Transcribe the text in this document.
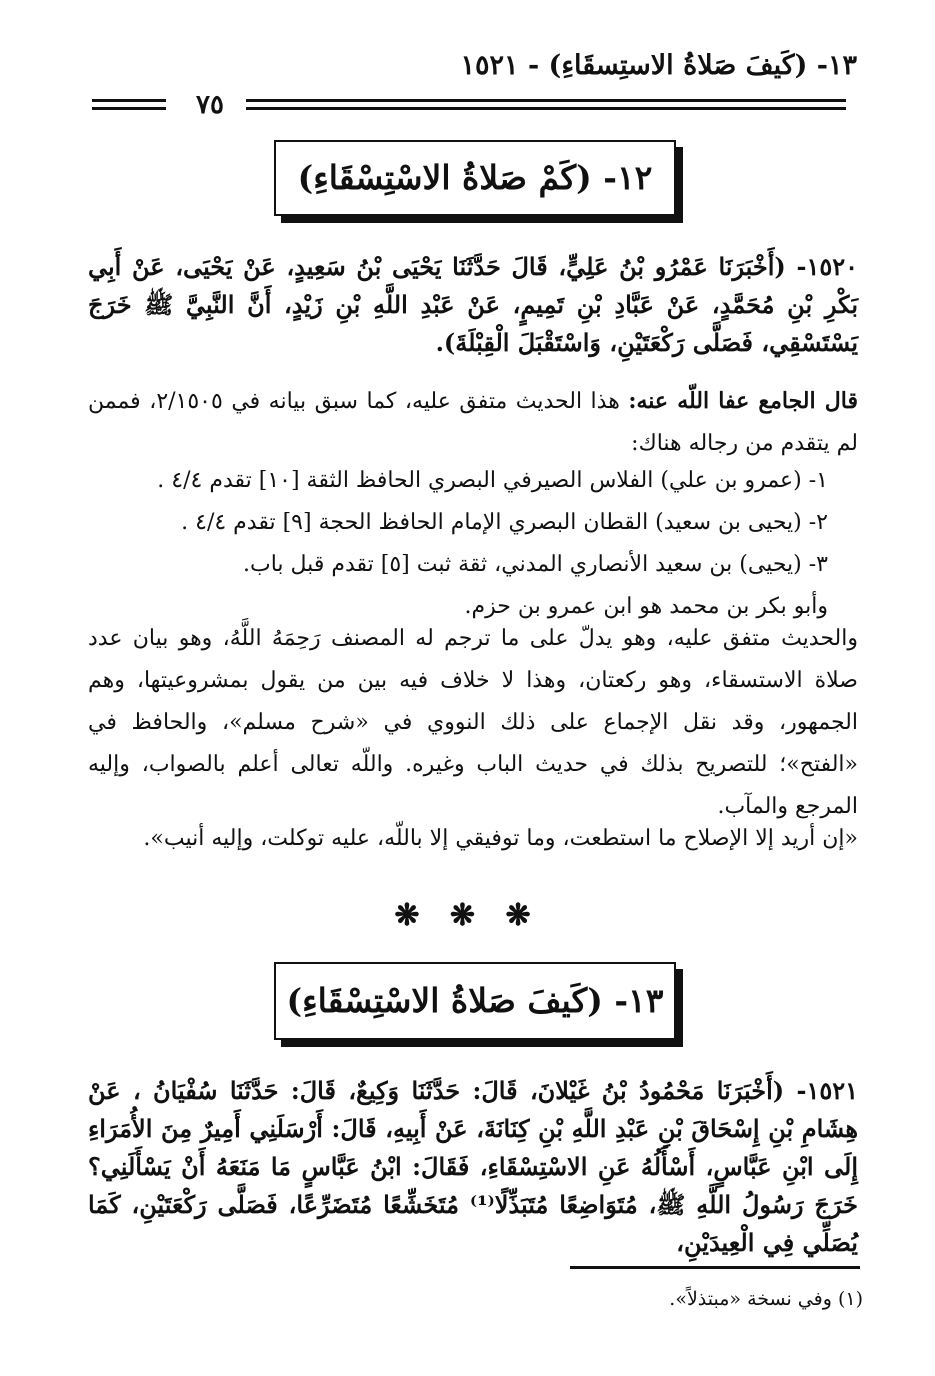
١٣- (كَيفَ صَلاةُ الاستِسقَاءِ) - ١٥٢١
٧٥
١٢- (كَمْ صَلاةُ الاسْتِسْقَاءِ)
١٥٢٠- (أَخْبَرَنَا عَمْرُو بْنُ عَلِيٍّ، قَالَ حَدَّثَنَا يَحْيَى بْنُ سَعِيدٍ، عَنْ يَحْيَى، عَنْ أَبِي بَكْرِ بْنِ مُحَمَّدٍ، عَنْ عَبَّادِ بْنِ تَمِيمٍ، عَنْ عَبْدِ اللَّهِ بْنِ زَيْدٍ، أَنَّ النَّبِيَّ ﷺ خَرَجَ يَسْتَسْقِي، فَصَلَّى رَكْعَتَيْنِ، وَاسْتَقْبَلَ الْقِبْلَةَ).
قال الجامع عفا اللّه عنه: هذا الحديث متفق عليه، كما سبق بيانه في ٢/١٥٠٥، فممن لم يتقدم من رجاله هناك:
١- (عمرو بن علي) الفلاس الصيرفي البصري الحافظ الثقة [١٠] تقدم ٤/٤ .
٢- (يحيى بن سعيد) القطان البصري الإمام الحافظ الحجة [٩] تقدم ٤/٤ .
٣- (يحيى) بن سعيد الأنصاري المدني، ثقة ثبت [٥] تقدم قبل باب.
وأبو بكر بن محمد هو ابن عمرو بن حزم.
والحديث متفق عليه، وهو يدلّ على ما ترجم له المصنف رَحِمَهُ اللَّهُ، وهو بيان عدد صلاة الاستسقاء، وهو ركعتان، وهذا لا خلاف فيه بين من يقول بمشروعيتها، وهم الجمهور، وقد نقل الإجماع على ذلك النووي في «شرح مسلم»، والحافظ في «الفتح»؛ للتصريح بذلك في حديث الباب وغيره. واللّه تعالى أعلم بالصواب، وإليه المرجع والمآب.
«إن أريد إلا الإصلاح ما استطعت، وما توفيقي إلا باللّه، عليه توكلت، وإليه أنيب».
❋ ❋ ❋
١٣- (كَيفَ صَلاةُ الاسْتِسْقَاءِ)
١٥٢١- (أَخْبَرَنَا مَحْمُودُ بْنُ غَيْلانَ، قَالَ: حَدَّثَنَا وَكِيعٌ، قَالَ: حَدَّثَنَا سُفْيَانُ ، عَنْ هِشَامِ بْنِ إِسْحَاقَ بْنِ عَبْدِ اللَّهِ بْنِ كِنَانَةَ، عَنْ أَبِيهِ، قَالَ: أَرْسَلَنِي أَمِيرٌ مِنَ الأُمَرَاءِ إِلَى ابْنِ عَبَّاسٍ، أَسْأَلُهُ عَنِ الاسْتِسْقَاءِ، فَقَالَ: ابْنُ عَبَّاسٍ مَا مَنَعَهُ أَنْ يَسْأَلَنِي؟ خَرَجَ رَسُولُ اللَّهِ ﷺ، مُتَوَاضِعًا مُتَبَذِّلًا⁽¹⁾ مُتَخَشِّعًا مُتَضَرِّعًا، فَصَلَّى رَكْعَتَيْنِ، كَمَا يُصَلِّي فِي الْعِيدَيْنِ،
(١) وفي نسخة «مبتذلاً».
